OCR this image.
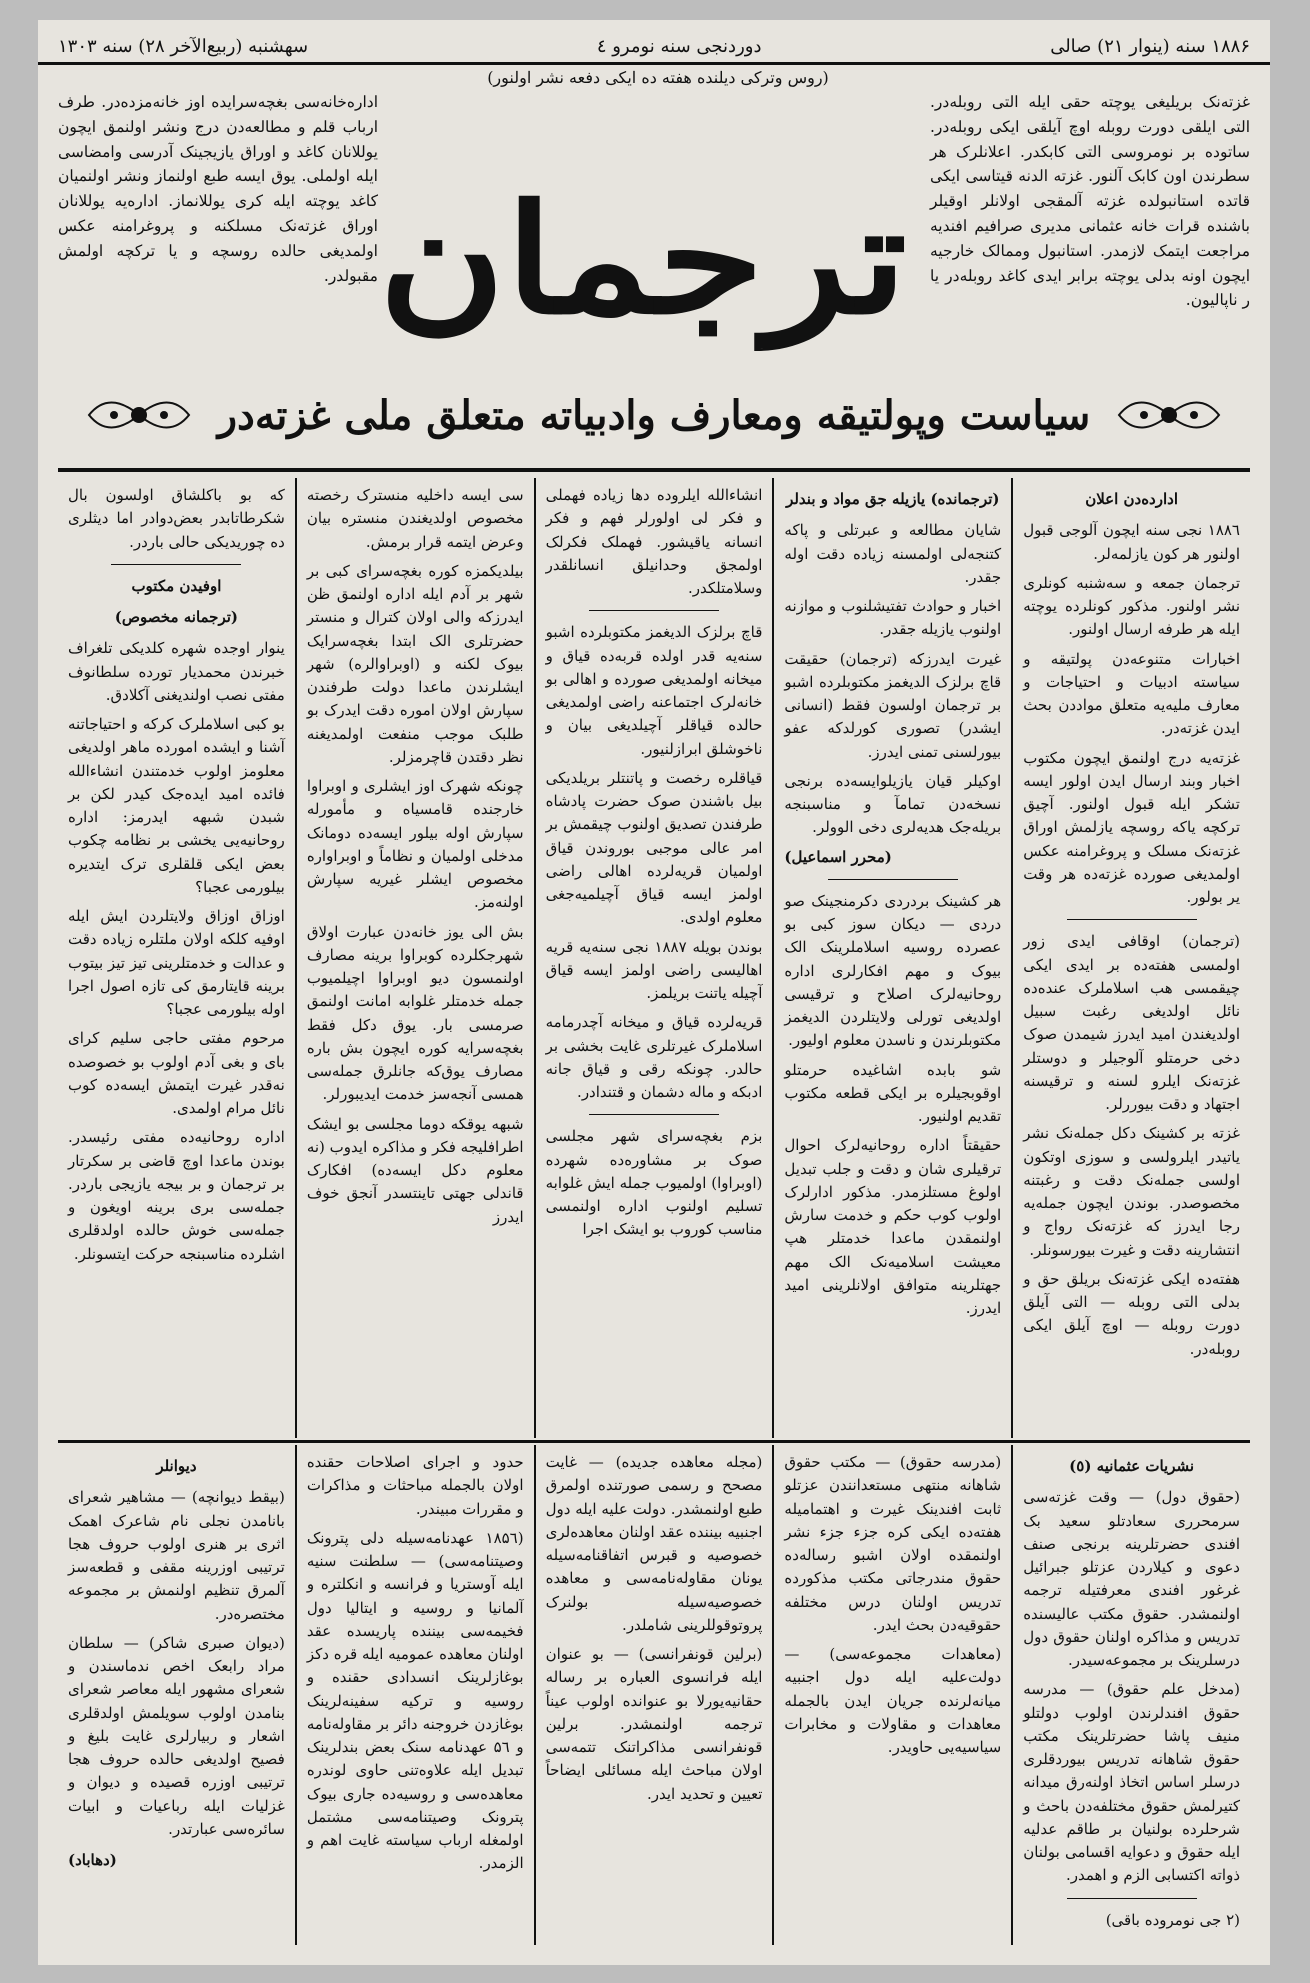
۱۸۸۶ سنه (ینوار ۲۱) صالی
دوردنجی سنه نومرو ٤
سهشنبه (ربیع‌الآخر ۲۸) سنه ۱۳۰۳
(روس وترکی دیلنده هفته ده ایکی دفعه نشر اولنور)
غزته‌نک بریلیغی یوچته حقی ایله التی روبله‌در. التی ایلقی دورت روبله اوچ آیلقی ایکی روبله‌در. ساتوده بر نومروسی التی کابکدر. اعلانلرک هر سطرندن اون کابک آلنور. غزته الدنه قیتاسی ایکی قاتده استانبولده غزته آلمقجی اولانلر اوقیلر باشنده قرات خانه عثمانی مدیری صرافیم افندیه مراجعت ایتمک لازمدر. استانبول وممالک خارجیه ایچون اونه بدلی یوچته برابر ایدی کاغد روبله‌در یا ر ناپالیون.
ترجمان
اداره‌خانه‌سی بغچه‌سرایده اوز خانه‌مزده‌در. طرف ارباب قلم و مطالعه‌دن درج ونشر اولنمق ایچون یوللانان کاغد و اوراق یازیجینک آدرسی وامضاسی ایله اولملی. یوق ایسه طبع اولنماز ونشر اولنمیان کاغد یوچته ایله کری یوللانماز. اداره‌یه یوللانان اوراق غزته‌نک مسلکنه و پروغرامنه عکس اولمدیغی حالده روسچه و یا ترکچه اولمش مقبولدر.
سیاست وپولتیقه ومعارف وادبیاته متعلق ملی غزته‌در
ادارده‌دن اعلان

۱۸۸٦ نجی سنه ایچون آلوجی قبول اولنور هر کون یازلمه‌لر.

ترجمان جمعه و سه‌شنبه کونلری نشر اولنور. مذکور کونلرده یوچته ایله هر طرفه ارسال اولنور.

اخبارات متنوعه‌دن پولتیقه و سیاسته ادبیات و احتیاجات و معارف ملیه‌یه متعلق مواددن بحث ایدن غزته‌در.

غزته‌یه درج اولنمق ایچون مکتوب اخبار وبند ارسال ایدن اولور ایسه تشکر ایله قبول اولنور. آچیق ترکچه یاکه روسچه یازلمش اوراق غزته‌نک مسلک و پروغرامنه عکس اولمدیغی صورده غزته‌ده هر وقت یر بولور.

(ترجمان) اوقافی ایدی زور اولمسی هفته‌ده بر ایدی ایکی چیقمسی هب اسلاملرک عنده‌ده نائل اولدیغی رغبت سبیل اولدیغندن امید ایدرز شیمدن صوک دخی حرمتلو آلوجیلر و دوستلر غزته‌نک ایلرو لسنه و ترقیسنه اجتهاد و دقت بیوررلر.

غزته بر کشینک دکل جمله‌نک نشر یاتیدر ایلرولسی و سوزی اوتکون اولسی جمله‌نک دقت و رغبتنه مخصوصدر. بوندن ایچون جمله‌یه رجا ایدرز که غزته‌نک رواج و انتشارینه دقت و غیرت بیورسونلر.

هفته‌ده ایکی غزته‌نک بریلق حق و بدلی التی روبله — التی آیلق دورت روبله — اوچ آیلق ایکی روبله‌در.

(ترجمانده) یازیله جق مواد و بندلر

شایان مطالعه و عبرتلی و پاکه کتنجه‌لی اولمسنه زیاده دقت اوله جقدر.

اخبار و حوادث تفتیشلنوب و موازنه اولنوب یازیله جقدر.

غیرت ایدرزکه (ترجمان) حقیقت قاچ برلزک الدیغمز مکتوبلرده اشبو بر ترجمان اولسون فقط (انسانی ایشدر) تصوری کورلدکه عفو بیورلسنی تمنی ایدرز.

اوکیلر قیان یازیلوایسه‌ده برنجی نسخه‌دن تمامآ و مناسبنجه بریله‌جک هدیه‌لری دخی الوولر.

(محرر اسماعیل)

هر کشینک بردردی دکرمنجینک صو دردی — دیکان سوز کبی بو عصرده روسیه اسلاملرینک الک بیوک و مهم افکارلری اداره روحانیه‌لرک اصلاح و ترقیسی اولدیغی تورلی ولایتلردن الدیغمز مکتوبلرندن و ناسدن معلوم اولیور.

شو بابده اشاغیده حرمتلو اوقوبجیلره بر ایکی قطعه مکتوب تقدیم اولنیور.

حقیقتاً اداره روحانیه‌لرک احوال ترقیلری شان و دقت و جلب تبدیل اولوغ مستلزمدر. مذکور ادارلرک اولوب کوب حکم و خدمت سارش اولنمقدن ماعدا خدمتلر هپ معیشت اسلامیه‌نک الک مهم جهتلرینه متوافق اولانلرینی امید ایدرز.

انشاءالله ایلروده دها زیاده فهملی و فکر لی اولورلر فهم و فکر انسانه یاقیشور. فهملک فکرلک اولمجق وحدانیلق انسانلقدر وسلامتلکدر.

قاچ برلزک الدیغمز مکتوبلرده اشبو سنه‌یه قدر اولده قربه‌ده قیاق و میخانه اولمدیغی صورده و اهالی بو خانه‌لرک اجتماعنه راضی اولمدیغی حالده قیاقلر آچیلدیغی بیان و ناخوشلق ابرازلنیور.

قیاقلره رخصت و پاتنتلر بریلدیکی بیل باشندن صوک حضرت پادشاه طرفندن تصدیق اولنوب چیقمش بر امر عالی موجبی بوروندن قیاق اولمیان قریه‌لرده اهالی راضی اولمز ایسه قیاق آچیلمیه‌جغی معلوم اولدی.

بوندن بویله ۱۸۸۷ نجی سنه‌یه قریه اهالیسی راضی اولمز ایسه قیاق آچیله یاتنت بریلمز.

قریه‌لرده قیاق و میخانه آچدرمامه اسلاملرک غیرتلری غایت بخشی بر حالدر. چونکه رقی و قیاق جانه ادبکه و ماله دشمان و قتندادر.

بزم بغچه‌سرای شهر مجلسی صوک بر مشاوره‌ده شهرده (اوبراوا) اولمیوب جمله ایش غلوابه تسلیم اولنوب اداره اولنمسی مناسب کوروب بو ایشک اجرا

سی ایسه داخلیه منسترک رخصته مخصوص اولدیغندن منستره بیان وعرض ایتمه قرار برمش.

بیلدیکمزه کوره بغچه‌سرای کبی بر شهر بر آدم ایله اداره اولنمق ظن ایدرزکه والی اولان کترال و منستر حضرتلری الک ابتدا بغچه‌سرایک بیوک لکنه و (اوبراوالره) شهر ایشلرندن ماعدا دولت طرفندن سپارش اولان اموره دقت ایدرک بو طلبک موجب منفعت اولمدیغنه نظر دقتدن قاچرمزلر.

چونکه شهرک اوز ایشلری و اوبراوا خارجنده قامسیاه و مأمورله سپارش اوله بیلور ایسه‌ده دومانک مدخلی اولمیان و نظاماً و اوبراواره مخصوص ایشلر غیریه سپارش اولنه‌مز.

بش الی یوز خانه‌دن عبارت اولاق شهرجکلرده کوبراوا برینه مصارف اولنمسون دیو اوبراوا اچیلمیوب جمله خدمتلر غلوابه امانت اولنمق صرمسی بار. یوق دکل فقط بغچه‌سرایه کوره ایچون بش باره مصارف یوق‌که جانلرق جمله‌سی همسی آنجه‌سز خدمت ایدیبورلر.

شبهه یوقکه دوما مجلسی بو ایشک اطرافلیجه فکر و مذاکره ایدوب (نه معلوم دکل ایسه‌ده) افکارک قاندلی جهتی تاینتسدر آنجق خوف ایدرز

که بو باکلشاق اولسون بال شکرطاتابدر بعض‌دوادر اما دیثلری ده چوریدیکی حالی باردر.

اوفیدن مکتوب
(ترجمانه مخصوص)

ینوار اوجده شهره کلدیکی تلغراف خبرندن محمدیار تورده سلطانوف مفتی نصب اولندیغنی آکلادق.

بو کبی اسلاملرک کرکه و احتیاجاتنه آشنا و ایشده امورده ماهر اولدیغی معلومز اولوب خدمتندن انشاءالله فائده امید ایده‌جک کیدر لکن بر شبدن شبهه ایدرمز: اداره روحانیه‌یی یخشی بر نظامه چکوب بعض ایکی قلقلری ترک ایتدیره بیلورمی عجبا؟

اوزاق اوزاق ولایتلردن ایش ایله اوفیه کلکه اولان ملتلره زیاده دقت و عدالت و خدمتلرینی تیز تیز بیتوب برینه قایتارمق کی تازه اصول اجرا اوله بیلورمی عجبا؟

مرحوم مفتی حاجی سلیم کرای بای و بغی آدم اولوب بو خصوصده نه‌قدر غیرت ایتمش ایسه‌ده کوب نائل مرام اولمدی.

اداره روحانیه‌ده مفتی رئیسدر. بوندن ماعدا اوچ قاضی بر سکرتار بر ترجمان و بر بیجه یازیجی باردر. جمله‌سی بری برینه اویغون و جمله‌سی خوش حالده اولدقلری اشلرده مناسبنجه حرکت ایتسونلر.

نشریات عثمانیه (٥)

(حقوق دول) — وقت غزته‌سی سرمحرری سعادتلو سعید بک افندی حضرتلرینه برنجی صنف دعوی و کیلاردن عزتلو جبرائیل غرغور افندی معرفتیله ترجمه اولنمشدر. حقوق مکتب عالیسنده تدریس و مذاکره اولنان حقوق دول درسلرینک بر مجموعه‌سیدر.

(مدخل علم حقوق) — مدرسه حقوق افندلرندن اولوب دولتلو منیف پاشا حضرتلرینک مکتب حقوق شاهانه تدریس بیوردقلری درسلر اساس اتخاذ اولنه‌رق میدانه کتیرلمش حقوق مختلفه‌دن باحث و شرحلرده بولنیان بر طاقم عدلیه ایله حقوق و دعوایه اقسامی بولنان ذواته اکتسابی الزم و اهمدر.

(۲ جی نومروده باقی)

(مدرسه حقوق) — مکتب حقوق شاهانه منتهی مستعدانندن عزتلو ثابت افندینک غیرت و اهتمامیله هفته‌ده ایکی کره جزء جزء نشر اولنمقده اولان اشبو رساله‌ده حقوق مندرجاتی مکتب مذکورده تدریس اولنان درس مختلفه حقوقیه‌دن بحث ایدر.

(معاهدات مجموعه‌سی) — دولت‌علیه ایله دول اجنبیه میانه‌لرنده جریان ایدن بالجمله معاهدات و مقاولات و مخابرات سیاسیه‌یی حاویدر.

(مجله معاهده جدیده) — غایت مصحح و رسمی صورتنده اولمرق طبع اولنمشدر. دولت علیه ایله دول اجنبیه بیننده عقد اولنان معاهده‌لری خصوصیه و قبرس اتفاقنامه‌سیله یونان مقاوله‌نامه‌سی و معاهده خصوصیه‌سیله بولنرک پروتوقوللرینی شاملدر.

(برلین قونفرانسی) — بو عنوان ایله فرانسوی العباره بر رساله حقانیه‌یورلا بو عنوانده اولوب عیناً ترجمه اولنمشدر. برلین قونفرانسی مذاکراتنک تتمه‌سی اولان مباحث ایله مسائلی ایضاحاً تعیین و تحدید ایدر.

حدود و اجرای اصلاحات حقنده اولان بالجمله مباحثات و مذاکرات و مقررات مبیندر.

(۱۸۵٦ عهدنامه‌سیله دلی پترونک وصیتنامه‌سی) — سلطنت سنیه ایله آوستریا و فرانسه و انکلتره و آلمانیا و روسیه و ایتالیا دول فخیمه‌سی بیننده پاریسده عقد اولنان معاهده عمومیه ایله قره دکز بوغازلرینک انسدادی حقنده و روسیه و ترکیه سفینه‌لرینک بوغازدن خروجنه دائر بر مقاوله‌نامه و ۵٦ عهدنامه سنک بعض بندلرینک تبدیل ایله علاوه‌تنی حاوی لوندره معاهده‌سی و روسیه‌ده جاری بیوک پترونک وصیتنامه‌سی مشتمل اولمغله ارباب سیاسته غایت اهم و الزمدر.

دیوانلر

(بیقط دیوانچه) — مشاهیر شعرای بانامدن نجلی نام شاعرک اهمک اثری بر هنری اولوب حروف هجا ترتیبی اوزرینه مقفی و قطعه‌سز آلمرق تنظیم اولنمش بر مجموعه مختصره‌در.

(دیوان صبری شاکر) — سلطان مراد رابعک اخص ندماسندن و شعرای مشهور ایله معاصر شعرای بنامدن اولوب سویلمش اولدقلری اشعار و ربیارلری غایت بلیغ و فصیح اولدیغی حالده حروف هجا ترتیبی اوزره قصیده و دیوان و غزلیات ایله رباعیات و ابیات سائره‌سی عبارتدر.

(دهاباد)
